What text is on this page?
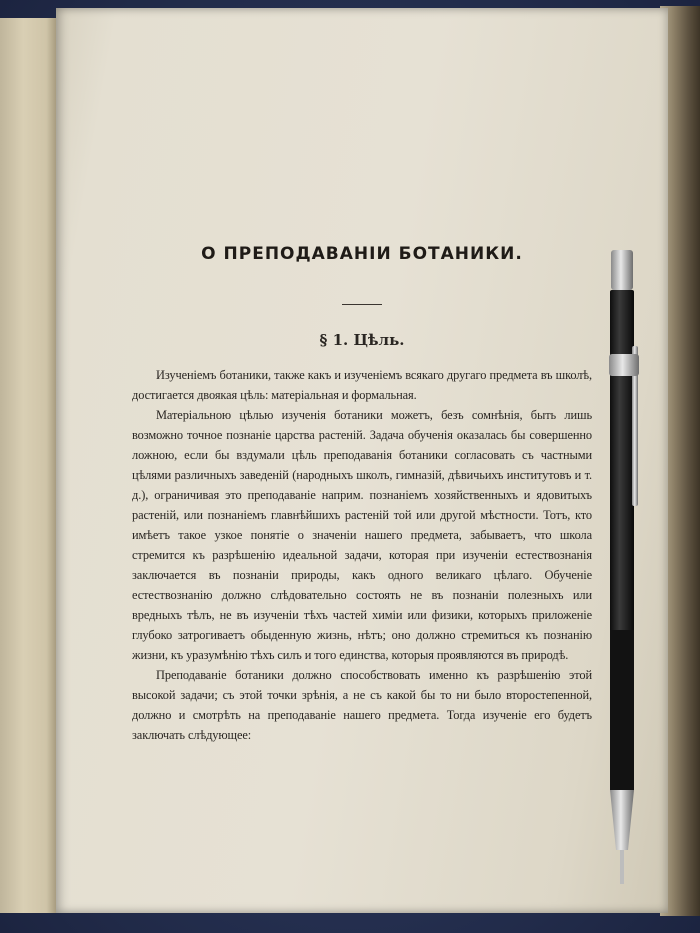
О ПРЕПОДАВАНІИ БОТАНИКИ.
§ 1. Цѣль.

Изученіемъ ботаники, также какъ и изученіемъ всякаго другаго предмета въ школѣ, достигается двоякая цѣль: матеріальная и формальная.

Матеріальною цѣлью изученія ботаники можетъ, безъ сомнѣнія, быть лишь возможно точное познаніе царства растеній. Задача обученія оказалась бы совершенно ложною, если бы вздумали цѣль преподаванія ботаники согласовать съ частными цѣлями различныхъ заведеній (народныхъ школъ, гимназій, дѣвичьихъ институтовъ и т. д.), ограничивая это преподаваніе наприм. познаніемъ хозяйственныхъ и ядовитыхъ растеній, или познаніемъ главнѣйшихъ растеній той или другой мѣстности. Тотъ, кто имѣетъ такое узкое понятіе о значеніи нашего предмета, забываетъ, что школа стремится къ разрѣшенію идеальной задачи, которая при изученіи естествознанія заключается въ познаніи природы, какъ одного великаго цѣлаго. Обученіе естествознанію должно слѣдовательно состоять не въ познаніи полезныхъ или вредныхъ тѣлъ, не въ изученіи тѣхъ частей химіи или физики, которыхъ приложеніе глубоко затрогиваетъ обыденную жизнь, нѣтъ; оно должно стремиться къ познанію жизни, къ уразумѣнію тѣхъ силъ и того единства, которыя проявляются въ природѣ.

Преподаваніе ботаники должно способствовать именно къ разрѣшенію этой высокой задачи; съ этой точки зрѣнія, а не съ какой бы то ни было второстепенной, должно и смотрѣть на преподаваніе нашего предмета. Тогда изученіе его будетъ заключать слѣдующее:
